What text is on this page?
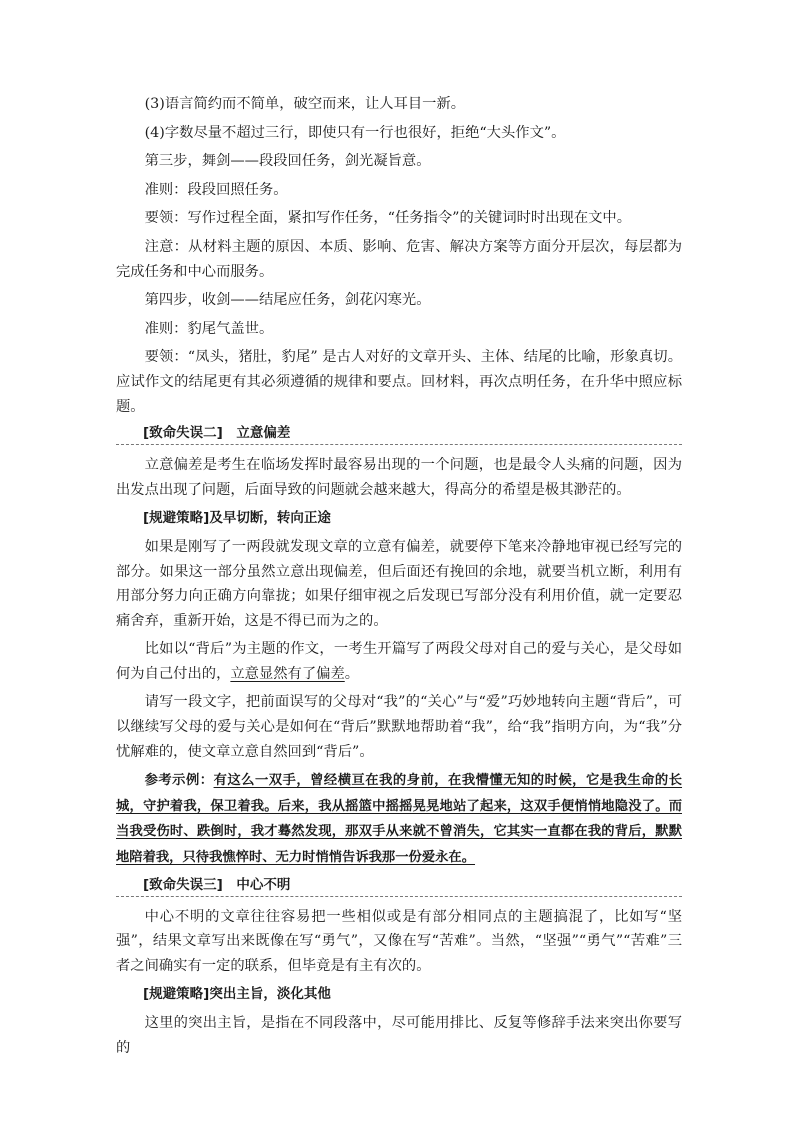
(3)语言简约而不简单，破空而来，让人耳目一新。

(4)字数尽量不超过三行，即使只有一行也很好，拒绝“大头作文”。

第三步，舞剑——段段回任务，剑光凝旨意。

准则：段段回照任务。

要领：写作过程全面，紧扣写作任务，“任务指令”的关键词时时出现在文中。

注意：从材料主题的原因、本质、影响、危害、解决方案等方面分开层次，每层都为完成任务和中心而服务。

第四步，收剑——结尾应任务，剑花闪寒光。

准则：豹尾气盖世。

要领：“凤头，猪肚，豹尾” 是古人对好的文章开头、主体、结尾的比喻，形象真切。应试作文的结尾更有其必须遵循的规律和要点。回材料，再次点明任务，在升华中照应标题。

[致命失误二]　立意偏差

立意偏差是考生在临场发挥时最容易出现的一个问题，也是最令人头痛的问题，因为出发点出现了问题，后面导致的问题就会越来越大，得高分的希望是极其渺茫的。

[规避策略]及早切断，转向正途

如果是刚写了一两段就发现文章的立意有偏差，就要停下笔来冷静地审视已经写完的部分。如果这一部分虽然立意出现偏差，但后面还有挽回的余地，就要当机立断，利用有用部分努力向正确方向靠拢；如果仔细审视之后发现已写部分没有利用价值，就一定要忍痛舍弃，重新开始，这是不得已而为之的。

比如以“背后”为主题的作文，一考生开篇写了两段父母对自己的爱与关心，是父母如何为自己付出的，立意显然有了偏差。

请写一段文字，把前面误写的父母对“我”的“关心”与“爱”巧妙地转向主题“背后”，可以继续写父母的爱与关心是如何在“背后”默默地帮助着“我”，给“我”指明方向，为“我”分忧解难的，使文章立意自然回到“背后”。

参考示例：有这么一双手，曾经横亘在我的身前，在我懵懂无知的时候，它是我生命的长城，守护着我，保卫着我。后来，我从摇篮中摇摇晃晃地站了起来，这双手便悄悄地隐没了。而当我受伤时、跌倒时，我才蓦然发现，那双手从来就不曾消失，它其实一直都在我的背后，默默地陪着我，只待我憔悴时、无力时悄悄告诉我那一份爱永在。

[致命失误三]　中心不明

中心不明的文章往往容易把一些相似或是有部分相同点的主题搞混了，比如写“坚强”，结果文章写出来既像在写“勇气”，又像在写“苦难”。当然，“坚强”“勇气”“苦难”三者之间确实有一定的联系，但毕竟是有主有次的。

[规避策略]突出主旨，淡化其他

这里的突出主旨，是指在不同段落中，尽可能用排比、反复等修辞手法来突出你要写的
